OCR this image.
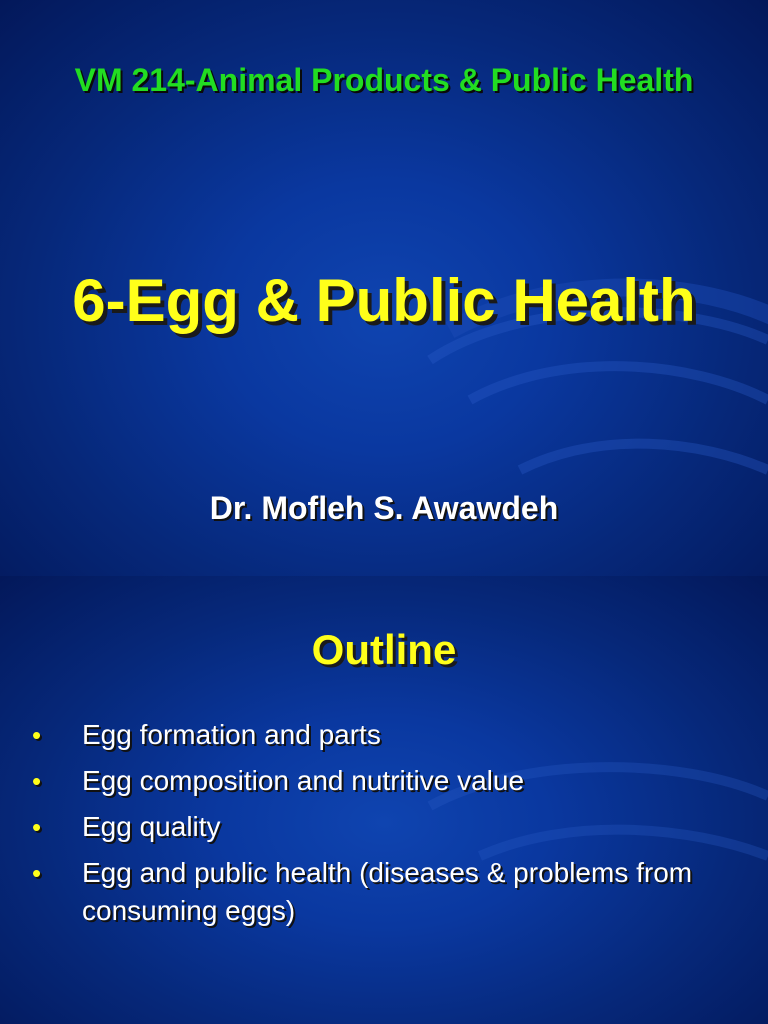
VM 214-Animal Products & Public Health
6-Egg & Public Health
Dr. Mofleh S. Awawdeh
Outline
• Egg formation and parts
• Egg composition and nutritive value
• Egg quality
• Egg and public health (diseases & problems from consuming eggs)
